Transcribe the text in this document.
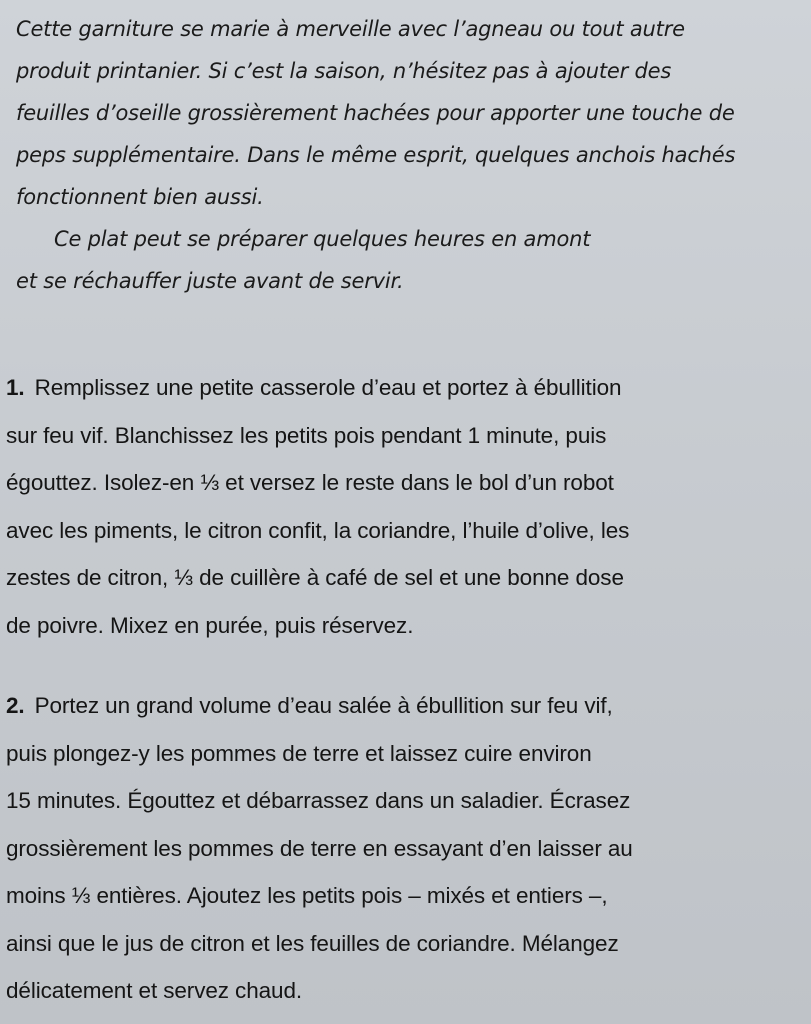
Cette garniture se marie à merveille avec l’agneau ou tout autre
produit printanier. Si c’est la saison, n’hésitez pas à ajouter des
feuilles d’oseille grossièrement hachées pour apporter une touche de
peps supplémentaire. Dans le même esprit, quelques anchois hachés
fonctionnent bien aussi.

Ce plat peut se préparer quelques heures en amont
et se réchauffer juste avant de servir.

1. Remplissez une petite casserole d’eau et portez à ébullition
sur feu vif. Blanchissez les petits pois pendant 1 minute, puis
égouttez. Isolez-en ⅓ et versez le reste dans le bol d’un robot
avec les piments, le citron confit, la coriandre, l’huile d’olive, les
zestes de citron, ⅓ de cuillère à café de sel et une bonne dose
de poivre. Mixez en purée, puis réservez.

2. Portez un grand volume d’eau salée à ébullition sur feu vif,
puis plongez-y les pommes de terre et laissez cuire environ
15 minutes. Égouttez et débarrassez dans un saladier. Écrasez
grossièrement les pommes de terre en essayant d’en laisser au
moins ⅓ entières. Ajoutez les petits pois – mixés et entiers –,
ainsi que le jus de citron et les feuilles de coriandre. Mélangez
délicatement et servez chaud.
